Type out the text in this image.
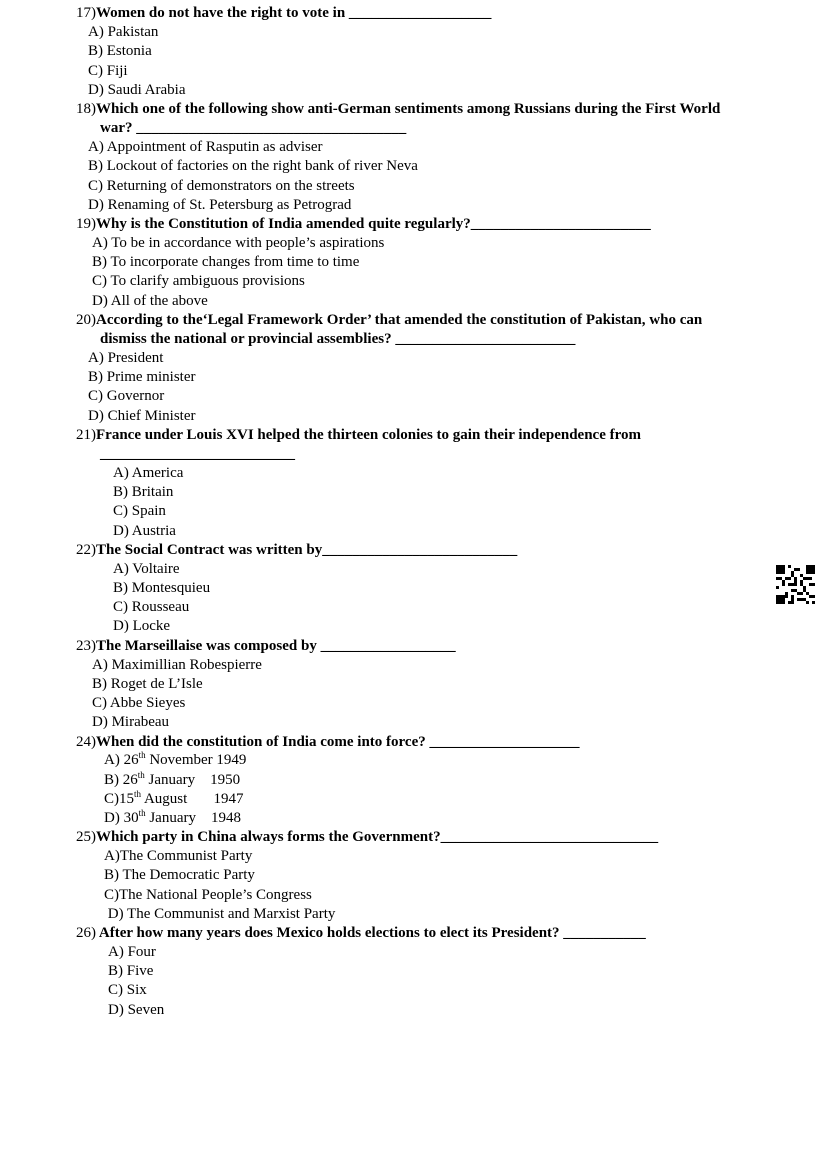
17)Women do not have the right to vote in ___________________
A) Pakistan
B) Estonia
C) Fiji
D) Saudi Arabia
18)Which one of the following show anti-German sentiments among Russians during the First World
war? ____________________________________
A) Appointment of Rasputin as adviser
B) Lockout of factories on the right bank of river Neva
C) Returning of demonstrators on the streets
D) Renaming of St. Petersburg as Petrograd
19)Why is the Constitution of India amended quite regularly?________________________
A) To be in accordance with people’s aspirations
B) To incorporate changes from time to time
C) To clarify ambiguous provisions
D) All of the above
20)According to the‘Legal Framework Order’ that amended the constitution of Pakistan, who can
dismiss the national or provincial assemblies? ________________________
A) President
B) Prime minister
C) Governor
D) Chief Minister
21)France under Louis XVI helped the thirteen colonies to gain their independence from
__________________________
A) America
B) Britain
C) Spain
D) Austria
22)The Social Contract was written by__________________________
A) Voltaire
B) Montesquieu
C) Rousseau
D) Locke
23)The Marseillaise was composed by __________________
A) Maximillian Robespierre
B) Roget de L’Isle
C) Abbe Sieyes
D) Mirabeau
24)When did the constitution of India come into force? ____________________
A) 26th November 1949
B) 26th January    1950
C)15th August       1947
D) 30th January    1948
25)Which party in China always forms the Government?_____________________________
A)The Communist Party
B) The Democratic Party
C)The National People’s Congress
D) The Communist and Marxist Party
26) After how many years does Mexico holds elections to elect its President? ___________
A) Four
B) Five
C) Six
D) Seven
